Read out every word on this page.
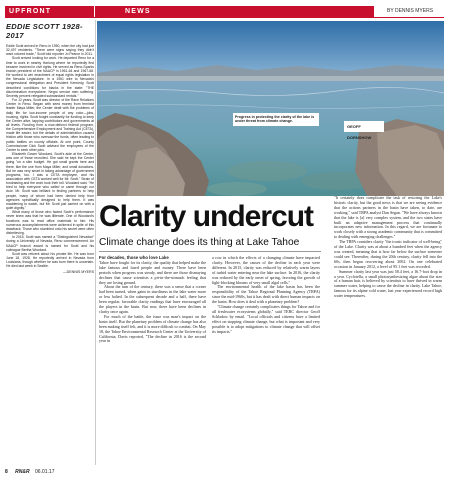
UPFRONT	NEWS	BY DENNIS MYERS
EDDIE SCOTT 1928-2017

Eddie Scott arrived in Reno in 1950, when the city had just 32,497 residents. "There were signs saying they didn't want colored trade," Scott told reporter Jo Pearce in 2011.

Scott arrived looking for work. He departed Reno for a time to work in nearby Harlong where he reportedly first became involved in civil rights. He served as Reno-Sparks branch president of the NAACP in 1961-64 and 1967-68. He worked to win enactment of equal rights legislation in the Nevada Legislature. In a 1961 wire to Nevada's congressional delegation and President Kennedy, Scott described conditions for blacks in the state: "THE discrimination everywhere. Negro service men suffering. Seventy percent relegated substandard rentals."

For 12 years, Scott was director of the Race Relations Center in Reno. Began with seed money from feminist leader Maya Miller, the Center dealt with the problems of daily life for low-income people of any color—jobs, housing, rights. Scott fought constantly for funding to keep the Center alive, tapping contributors and governments at all levels. Funding from a now-defunct federal program, the Comprehensive Employment and Training Act (CETA), made life easier, but the details of administration caused friction with those who oversaw the funds, often leading to public battles on county officials. At one point, County Commissioner Dick Scott advised the employees of the Center to seek other jobs.

Elizabeth Gower Woodard, Scott's aide at the Center, was one of those recruited. She said he kept the Center going "on a slim budget. He got small grants here and there, like the one from Maya Miller, and small donations. But he was very smart in taking advantage of government programs, too. I was a CETA employee, and his association with CETA worked well for Mr. Scott." Strain of fundraising and the work took their toll. Woodard said, "He tried to help everyone who called or came through our door. Mr. Scott was brilliant in finding partners to help people, many of whom had been denied help from agencies specifically designed to help them. It was maddening to watch, but Mr. Scott just carried on with a quiet dignity."

What many of those who facted Scott's performance never knew was that he was illiterate. One of Woodard's functions was to read office materials to him. His numerous accomplishments were achieved in spite of this drawback. Those who stumbled onto his secret were often disbelieving.

In 2015, Scott was named a "Distinguished Nevadan" during a University of Nevada, Reno commencement. An NAACP branch award is named for Scott and his colleague Bertha Woodard.

Scott was reticent about his private life. He was born June 18, 1928. He reportedly arrived in Nevada from Louisiana, though whether he was born there is uncertain. He died last week in Seattle.

—DENNIS MYERS
Progress in protecting the clarity of the lake is under threat from climate change.
GEOFF DORNSHOW
Clarity undercut
Climate change does its thing at Lake Tahoe

For decades, those who love Lake

Tahoe have fought for its clarity, the quality that helped make the lake famous and lured people and money. There have been periods when progress was steady, and there are those dismaying declines that cause scientists a pit-in-the-stomach feeling that they are losing ground.

About the turn of the century, there was a sense that a corner had been turned, when gains in sturdiness in the lake water more or less halted. In the subsequent decade and a half, there have been regular, favorable clarity readings that have encouraged all the players in the basin. But now, there have been declines in clarity once again.

For much of the battle, the issue was man's impact on the basin itself. But the planetary problem of climate change has also been making itself felt, and it is more difficult to combat. On May 18, the Tahoe Environmental Research Center at the University of California, Davis reported, "The decline in 2016 is the second year in

a row in which the effects of a changing climate have impacted clarity. However, the causes of the decline in each year were different. In 2015, clarity was reduced by relatively warm layers of turbid water entering near the lake surface. In 2016, the clarity was reduced by the early onset of spring, favoring the growth of light-blocking blooms of very small algal cells."

The environmental health of the lake basin has been the responsibility of the Tahoe Regional Planning Agency (TRPA) since the mid-1960s, but it has dealt with direct human impacts on the basin. How does it deal with a planetary problem?

"Climate change certainly complicates things for Tahoe and for all freshwater ecosystems globally," said TERC director Geoff Schladow by email. "Local officials and citizens have a limited effect on stopping climate change, but what is important and very possible is to adopt mitigations to climate change that will offset its impacts."

"It certainly does complicate the task of restoring the Lake's historic clarity, but the good news is that we are seeing evidence that the actions partners in the basin have taken, to date, are working," said TRPA analyst Dan Segan. "We have always known that the lake is [a] very complex system, and the two states have built an adaptive management process that continually incorporates new information. In this regard, we are fortunate to work closely with a strong academic community that is committed to dealing with emerging challenges."

The TRPA considers clarity "the iconic indicator of well-being" of the Lake. Clarity was at about a hundred feet when the agency was created, meaning that is how far below the surface someone could see. Thereafter, during the 20th century, clarity fell into the 60s, then began recovering about 2002. On one celebrated occasion in January 2012, a level of 95.1 feet was recorded.

Summer clarity last year was just 58.4 feet, a 16.7-foot drop in a year. Cyclotella, a small photosynthesizing algae about the size of a human hair, is believed by scientists to have thrived in warm summer water, helping to cause the decline in clarity. Lake Tahoe, famous for its alpine cold water, last year experienced record high water temperatures.

8 RN&R 06.01.17
